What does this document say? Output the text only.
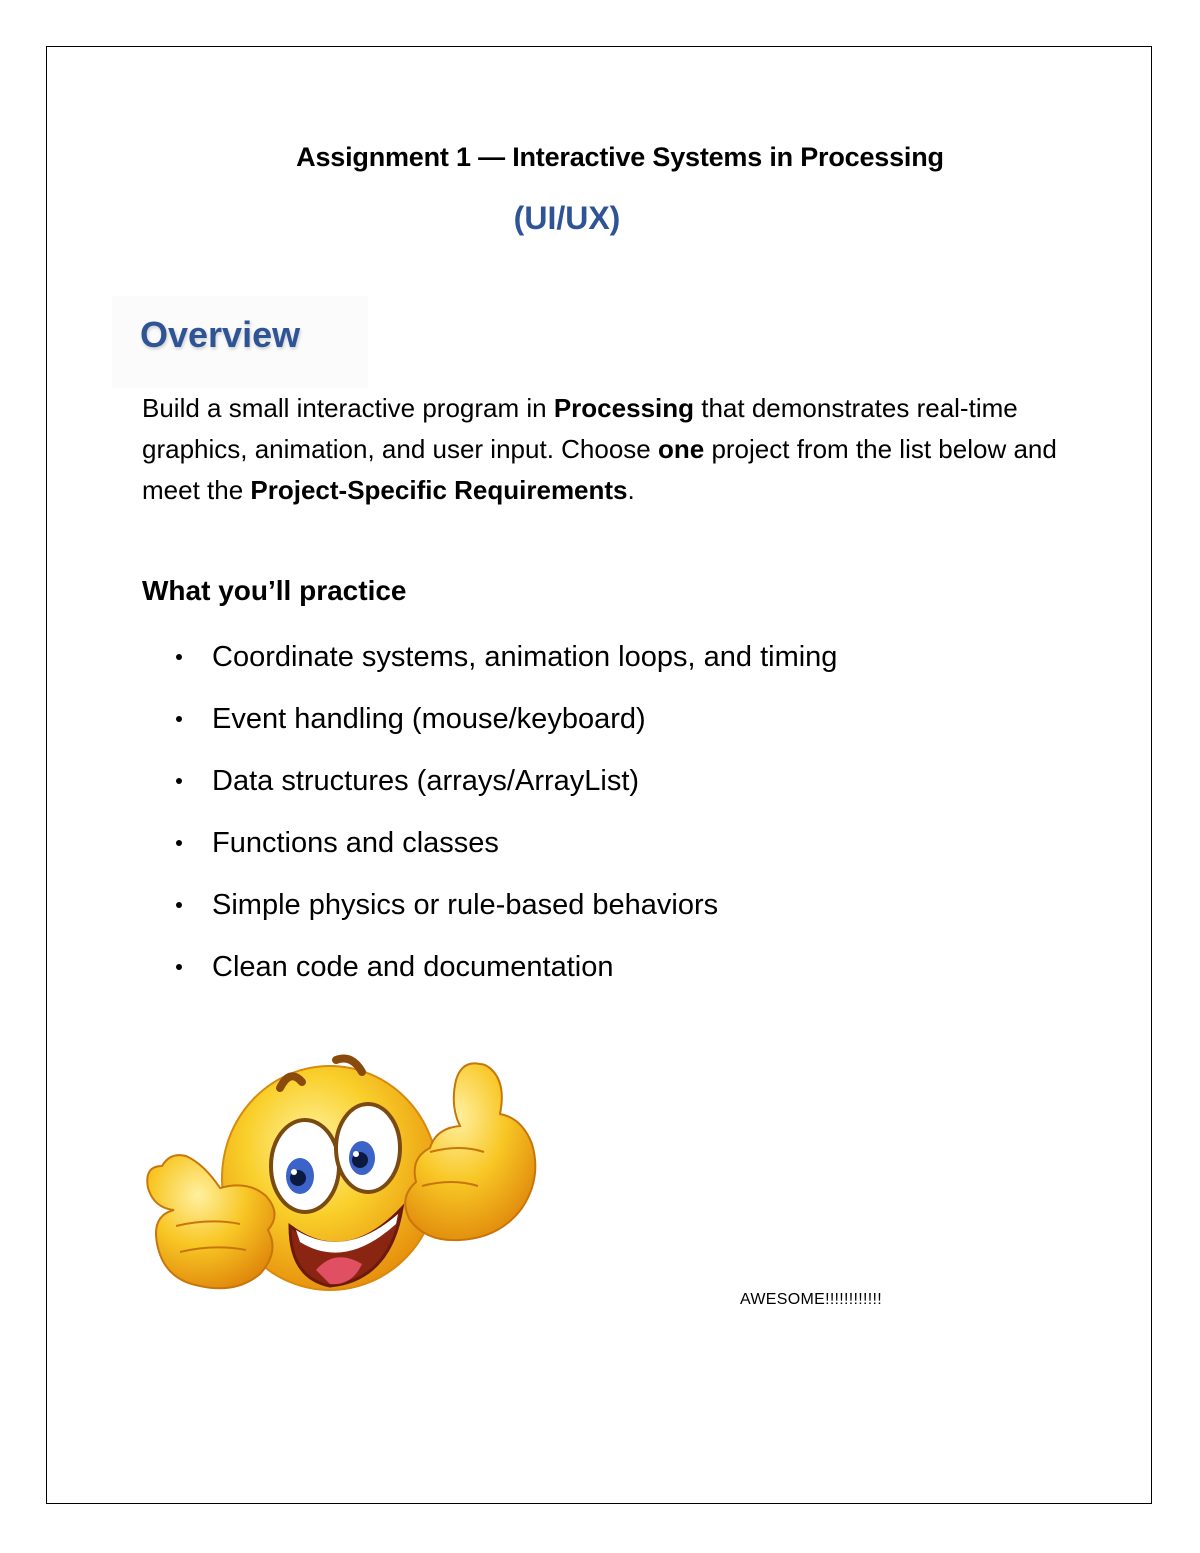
Assignment 1 — Interactive Systems in Processing
(UI/UX)
Overview
Build a small interactive program in Processing that demonstrates real-time graphics, animation, and user input. Choose one project from the list below and meet the Project-Specific Requirements.
What you’ll practice
Coordinate systems, animation loops, and timing
Event handling (mouse/keyboard)
Data structures (arrays/ArrayList)
Functions and classes
Simple physics or rule-based behaviors
Clean code and documentation
AWESOME!!!!!!!!!!!!
